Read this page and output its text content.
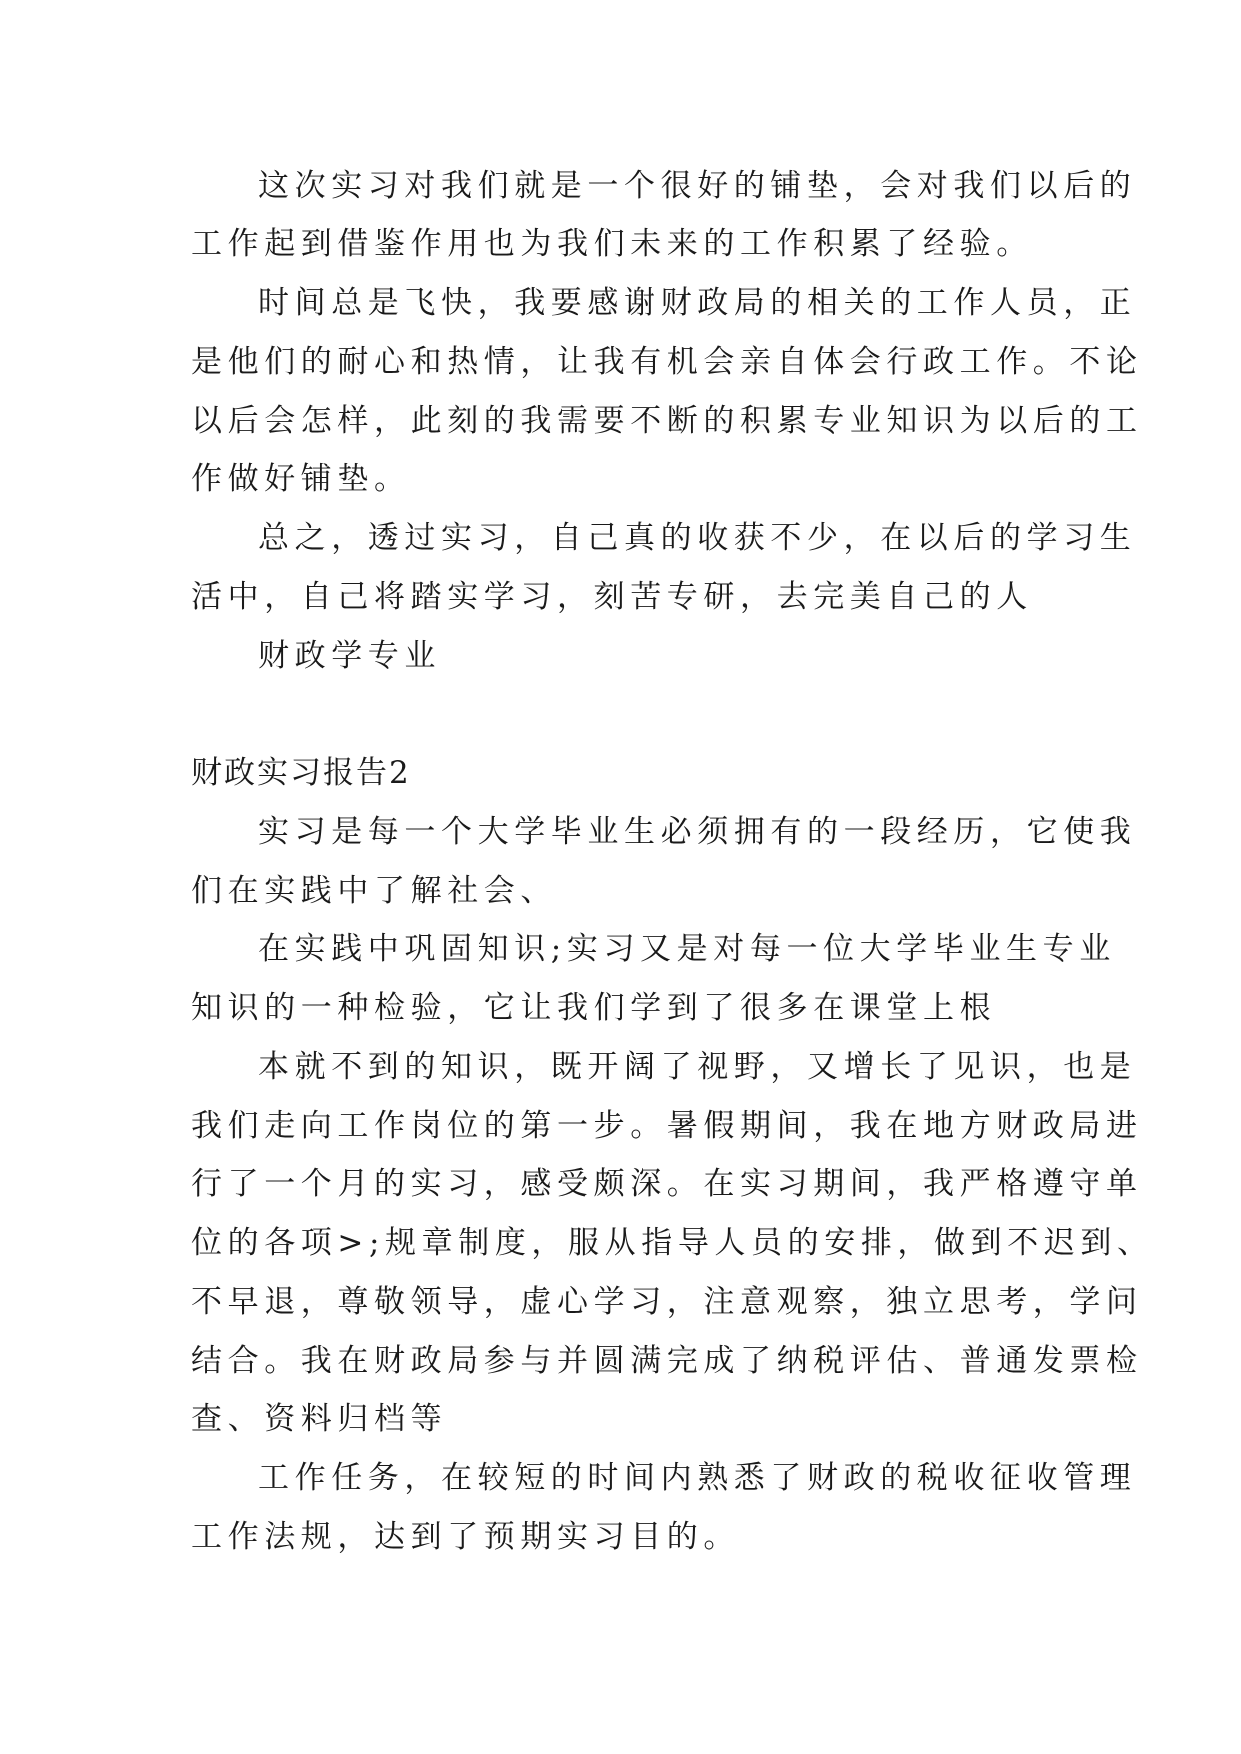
这次实习对我们就是一个很好的铺垫，会对我们以后的
工作起到借鉴作用也为我们未来的工作积累了经验。
时间总是飞快，我要感谢财政局的相关的工作人员，正
是他们的耐心和热情，让我有机会亲自体会行政工作。不论
以后会怎样，此刻的我需要不断的积累专业知识为以后的工
作做好铺垫。
总之，透过实习，自己真的收获不少，在以后的学习生
活中，自己将踏实学习，刻苦专研，去完美自己的人
财政学专业
财政实习报告2
实习是每一个大学毕业生必须拥有的一段经历，它使我
们在实践中了解社会、
在实践中巩固知识;实习又是对每一位大学毕业生专业
知识的一种检验，它让我们学到了很多在课堂上根
本就不到的知识，既开阔了视野，又增长了见识，也是
我们走向工作岗位的第一步。暑假期间，我在地方财政局进
行了一个月的实习，感受颇深。在实习期间，我严格遵守单
位的各项>;规章制度，服从指导人员的安排，做到不迟到、
不早退，尊敬领导，虚心学习，注意观察，独立思考，学问
结合。我在财政局参与并圆满完成了纳税评估、普通发票检
查、资料归档等
工作任务，在较短的时间内熟悉了财政的税收征收管理
工作法规，达到了预期实习目的。
